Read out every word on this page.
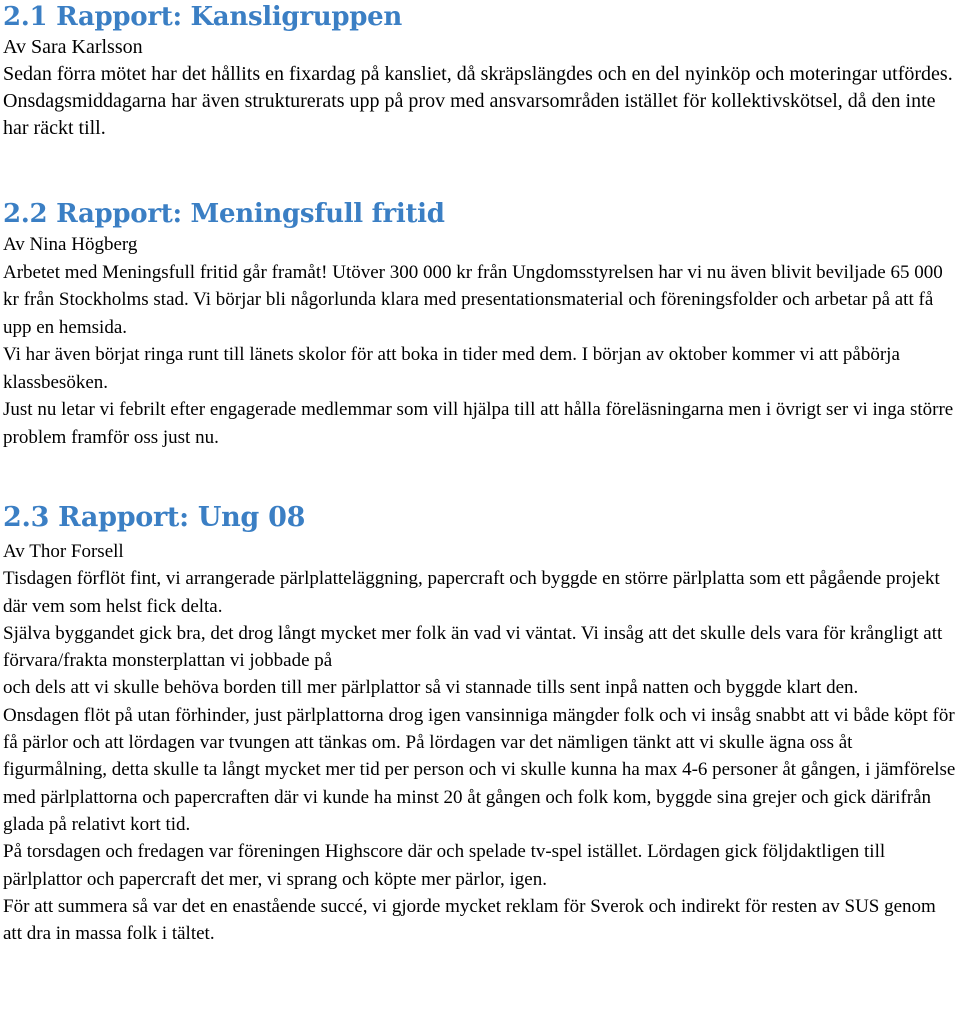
2.1 Rapport: Kansligruppen

Av Sara Karlsson

Sedan förra mötet har det hållits en fixardag på kansliet, då skräpslängdes och en del nyinköp och moteringar utfördes. Onsdagsmiddagarna har även strukturerats upp på prov med ansvarsområden istället för kollektivskötsel, då den inte har räckt till.

2.2 Rapport: Meningsfull fritid

Av Nina Högberg

Arbetet med Meningsfull fritid går framåt! Utöver 300 000 kr från Ungdomsstyrelsen har vi nu även blivit beviljade 65 000 kr från Stockholms stad. Vi börjar bli någorlunda klara med presentationsmaterial och föreningsfolder och arbetar på att få upp en hemsida.

Vi har även börjat ringa runt till länets skolor för att boka in tider med dem. I början av oktober kommer vi att påbörja klassbesöken.

Just nu letar vi febrilt efter engagerade medlemmar som vill hjälpa till att hålla föreläsningarna men i övrigt ser vi inga större problem framför oss just nu.

2.3 Rapport: Ung 08

Av Thor Forsell

Tisdagen förflöt fint, vi arrangerade pärlplatteläggning, papercraft och byggde en större pärlplatta som ett pågående projekt där vem som helst fick delta.

Själva byggandet gick bra, det drog långt mycket mer folk än vad vi väntat. Vi insåg att det skulle dels vara för krångligt att förvara/frakta monsterplattan vi jobbade på

och dels att vi skulle behöva borden till mer pärlplattor så vi stannade tills sent inpå natten och byggde klart den.

Onsdagen flöt på utan förhinder, just pärlplattorna drog igen vansinniga mängder folk och vi insåg snabbt att vi både köpt för få pärlor och att lördagen var tvungen att tänkas om. På lördagen var det nämligen tänkt att vi skulle ägna oss åt figurmålning, detta skulle ta långt mycket mer tid per person och vi skulle kunna ha max 4-6 personer åt gången, i jämförelse med pärlplattorna och papercraften där vi kunde ha minst 20 åt gången och folk kom, byggde sina grejer och gick därifrån glada på relativt kort tid.

På torsdagen och fredagen var föreningen Highscore där och spelade tv-spel istället. Lördagen gick följdaktligen till pärlplattor och papercraft det mer, vi sprang och köpte mer pärlor, igen.

För att summera så var det en enastående succé, vi gjorde mycket reklam för Sverok och indirekt för resten av SUS genom att dra in massa folk i tältet.
